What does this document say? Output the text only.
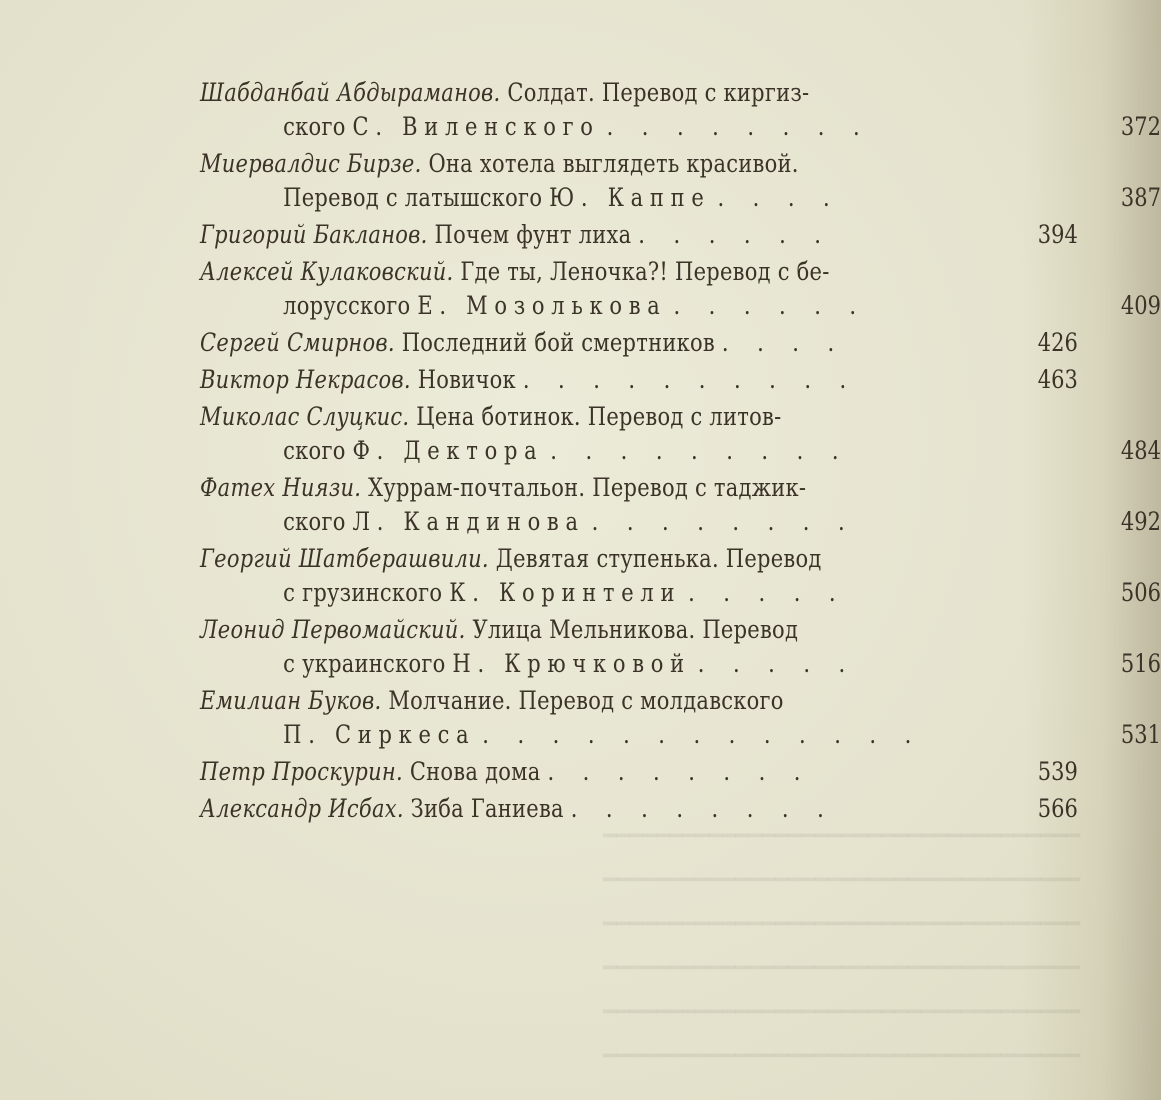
Шабданбай Абдыраманов. Солдат. Перевод с киргиз-
ского С. Виленского . . . . . . . .	372
Миервалдис Бирзе. Она хотела выглядеть красивой.
Перевод с латышского Ю. Каппе . . . .	387
Григорий Бакланов. Почем фунт лиха . . . . . .	394
Алексей Кулаковский. Где ты, Леночка?! Перевод с бе-
лорусского Е. Мозолькова . . . . . .	409
Сергей Смирнов. Последний бой смертников . . . .	426
Виктор Некрасов. Новичок . . . . . . . . . .	463
Миколас Слуцкис. Цена ботинок. Перевод с литов-
ского Ф. Дектора . . . . . . . . .	484
Фатех Ниязи. Хуррам-почтальон. Перевод с таджик-
ского Л. Кандинова . . . . . . . .	492
Георгий Шатберашвили. Девятая ступенька. Перевод
с грузинского К. Коринтели . . . . .	506
Леонид Первомайский. Улица Мельникова. Перевод
с украинского Н. Крючковой . . . . .	516
Емилиан Буков. Молчание. Перевод с молдавского
П. Сиркеса . . . . . . . . . . . . .	531
Петр Проскурин. Снова дома . . . . . . . .	539
Александр Исбах. Зиба Ганиева . . . . . . . .	566
━━━━━━━━━━━━━━━━━━━━━━━━━━━━━━━━━━━━
━━━━━━━━━━━━━━━━━━━━━━━━━━━━━━━━━━━━
━━━━━━━━━━━━━━━━━━━━━━━━━━━━━━━━━━━━
━━━━━━━━━━━━━━━━━━━━━━━━━━━━━━━━━━━━
━━━━━━━━━━━━━━━━━━━━━━━━━━━━━━━━━━━━
━━━━━━━━━━━━━━━━━━━━━━━━━━━━━━━━━━━━
